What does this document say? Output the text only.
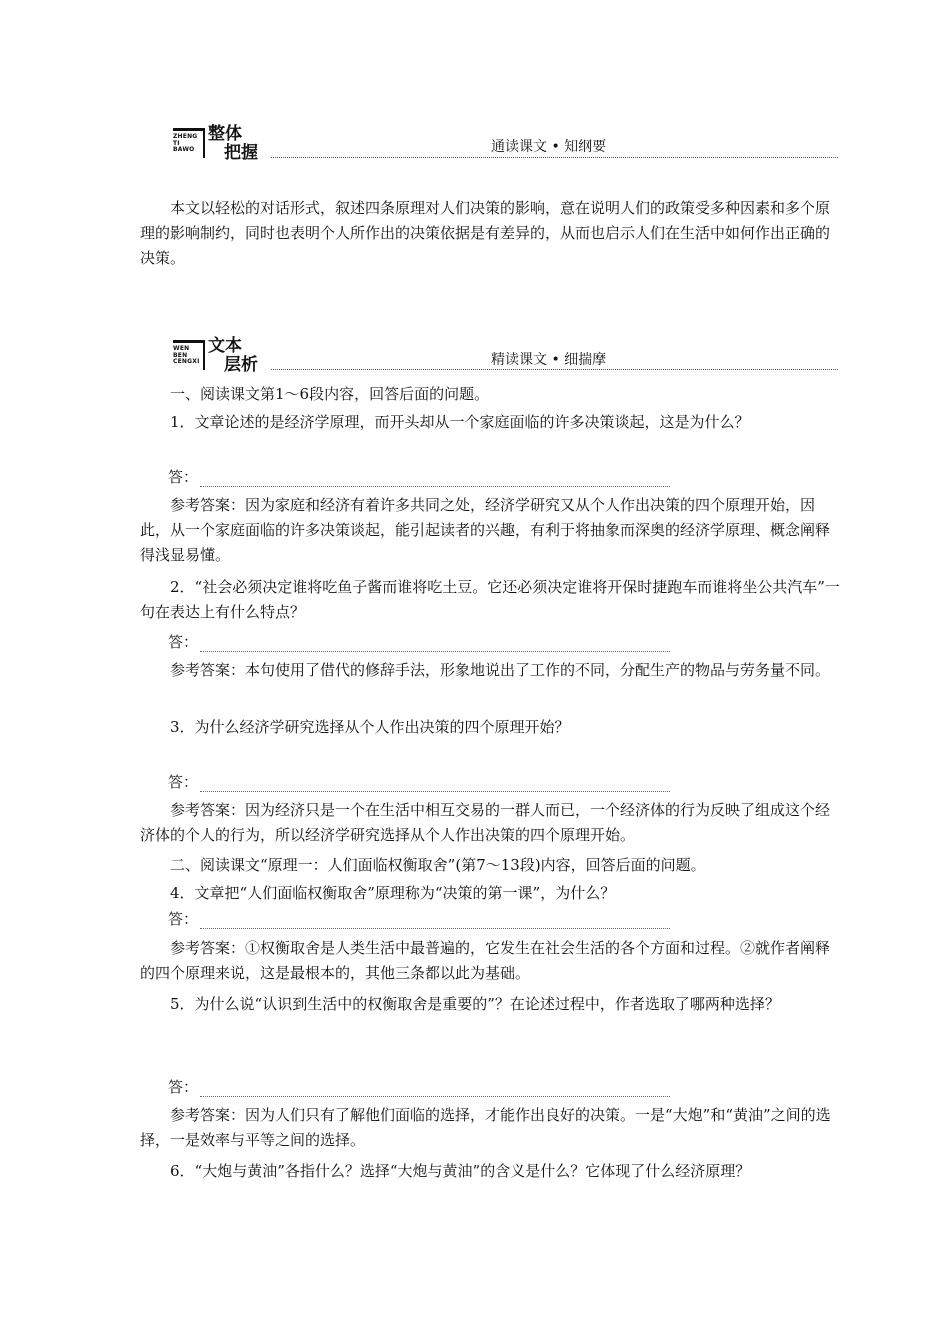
ZHENG
TI
BAWO
整体
把握	通读课文 • 知纲要

本文以轻松的对话形式，叙述四条原理对人们决策的影响，意在说明人们的政策受多种因素和多个原理的影响制约，同时也表明个人所作出的决策依据是有差异的，从而也启示人们在生活中如何作出正确的决策。

WEN
BEN
CENGXI
文本
层析	精读课文 • 细揣摩

一、阅读课文第1～6段内容，回答后面的问题。

1．文章论述的是经济学原理，而开头却从一个家庭面临的许多决策谈起，这是为什么？

答：

参考答案：因为家庭和经济有着许多共同之处，经济学研究又从个人作出决策的四个原理开始，因此，从一个家庭面临的许多决策谈起，能引起读者的兴趣，有利于将抽象而深奥的经济学原理、概念阐释得浅显易懂。

2．“社会必须决定谁将吃鱼子酱而谁将吃土豆。它还必须决定谁将开保时捷跑车而谁将坐公共汽车”一句在表达上有什么特点？

答：

参考答案：本句使用了借代的修辞手法，形象地说出了工作的不同，分配生产的物品与劳务量不同。

3．为什么经济学研究选择从个人作出决策的四个原理开始？

答：

参考答案：因为经济只是一个在生活中相互交易的一群人而已，一个经济体的行为反映了组成这个经济体的个人的行为，所以经济学研究选择从个人作出决策的四个原理开始。

二、阅读课文“原理一：人们面临权衡取舍”(第7～13段)内容，回答后面的问题。

4．文章把“人们面临权衡取舍”原理称为“决策的第一课”，为什么？

答：

参考答案：①权衡取舍是人类生活中最普遍的，它发生在社会生活的各个方面和过程。②就作者阐释的四个原理来说，这是最根本的，其他三条都以此为基础。

5．为什么说“认识到生活中的权衡取舍是重要的”？在论述过程中，作者选取了哪两种选择？

答：

参考答案：因为人们只有了解他们面临的选择，才能作出良好的决策。一是“大炮”和“黄油”之间的选择，一是效率与平等之间的选择。

6．“大炮与黄油”各指什么？选择“大炮与黄油”的含义是什么？它体现了什么经济原理？
